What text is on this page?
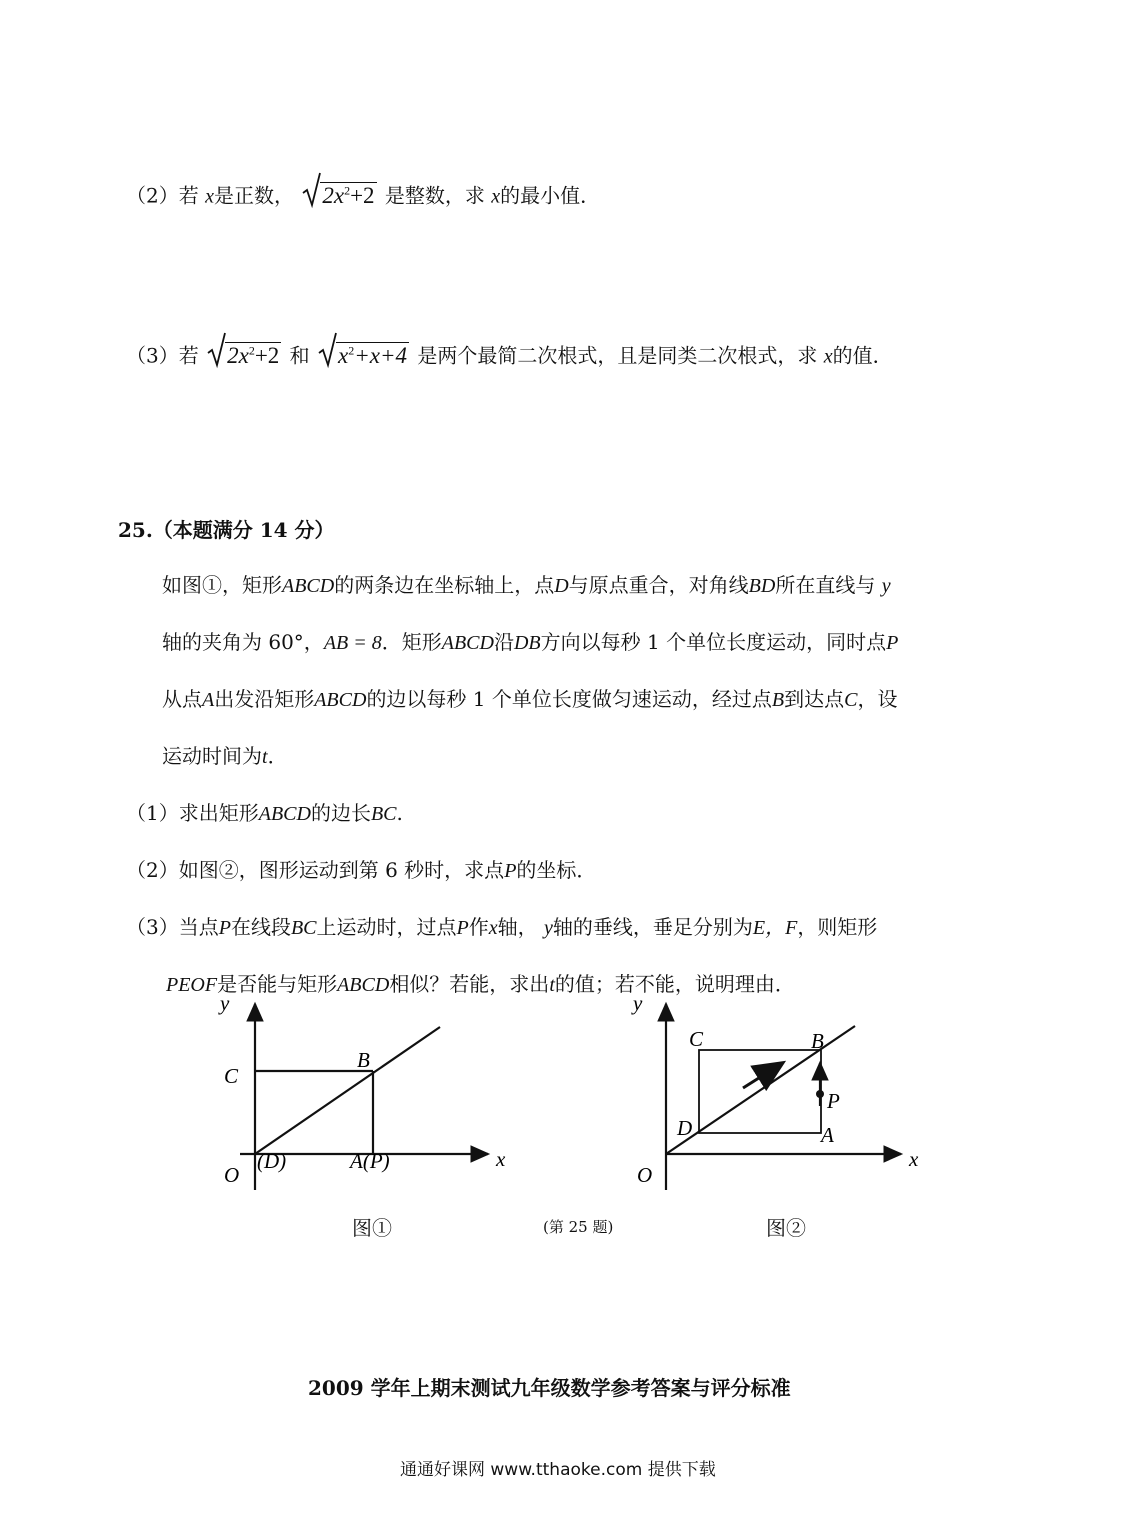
（2）若 x是正数， $2x^2+2$ 是整数，求 x的最小值．
（3）若 $2x^2+2$ 和 $x^2+x+4$ 是两个最简二次根式，且是同类二次根式，求 x的值．
25.（本题满分 14 分）
如图①，矩形ABCD的两条边在坐标轴上，点D与原点重合，对角线BD所在直线与 y
轴的夹角为 60°，AB = 8．矩形ABCD沿DB方向以每秒 1 个单位长度运动，同时点P
从点A出发沿矩形ABCD的边以每秒 1 个单位长度做匀速运动，经过点B到达点C，设
运动时间为t．
（1）求出矩形ABCD的边长BC.
（2）如图②，图形运动到第 6 秒时，求点P的坐标．
（3）当点P在线段BC上运动时，过点P作x轴， y轴的垂线，垂足分别为E，F，则矩形
PEOF是否能与矩形ABCD相似？若能，求出t的值；若不能，说明理由．
y
x
O
C
B
(D)	A(P)
图①	(第 25 题)
y
x
O
C	B
D	A
P
图②
2009 学年上期末测试九年级数学参考答案与评分标准
通通好课网 www.tthaoke.com 提供下载
